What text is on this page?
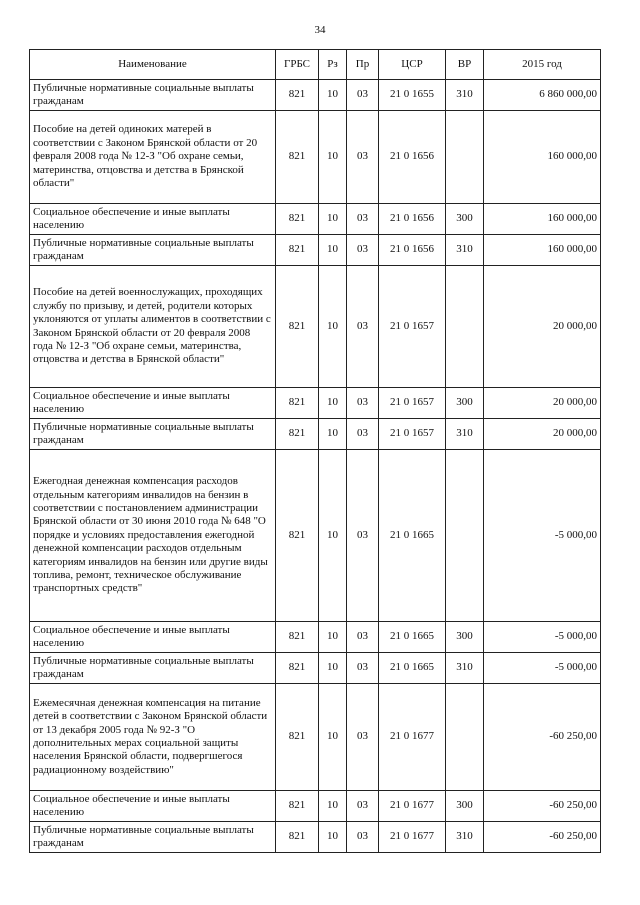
34
Наименование	ГРБС	Рз	Пр	ЦСР	ВР	2015 год
Публичные нормативные социальные выплаты гражданам	821	10	03	21 0 1655	310	6 860 000,00
Пособие на детей одиноких матерей в соответствии с Законом Брянской области от 20 февраля 2008 года № 12-З "Об охране семьи, материнства, отцовства и детства в Брянской области"	821	10	03	21 0 1656		160 000,00
Социальное обеспечение и иные выплаты населению	821	10	03	21 0 1656	300	160 000,00
Публичные нормативные социальные выплаты гражданам	821	10	03	21 0 1656	310	160 000,00
Пособие на детей военнослужащих, проходящих службу по призыву, и детей, родители которых уклоняются от уплаты алиментов в соответствии с Законом Брянской области от 20 февраля 2008 года № 12-З "Об охране семьи, материнства, отцовства и детства в Брянской области"	821	10	03	21 0 1657		20 000,00
Социальное обеспечение и иные выплаты населению	821	10	03	21 0 1657	300	20 000,00
Публичные нормативные социальные выплаты гражданам	821	10	03	21 0 1657	310	20 000,00
Ежегодная денежная компенсация расходов отдельным категориям инвалидов на бензин в соответствии с постановлением администрации Брянской области от 30 июня 2010 года № 648 "О порядке и условиях предоставления ежегодной денежной компенсации расходов отдельным категориям инвалидов на бензин или другие виды топлива, ремонт, техническое обслуживание транспортных средств"	821	10	03	21 0 1665		-5 000,00
Социальное обеспечение и иные выплаты населению	821	10	03	21 0 1665	300	-5 000,00
Публичные нормативные социальные выплаты гражданам	821	10	03	21 0 1665	310	-5 000,00
Ежемесячная денежная компенсация на питание детей в соответствии с Законом Брянской области от 13 декабря 2005 года № 92-З "О дополнительных мерах социальной защиты населения Брянской области, подвергшегося радиационному воздействию"	821	10	03	21 0 1677		-60 250,00
Социальное обеспечение и иные выплаты населению	821	10	03	21 0 1677	300	-60 250,00
Публичные нормативные социальные выплаты гражданам	821	10	03	21 0 1677	310	-60 250,00
